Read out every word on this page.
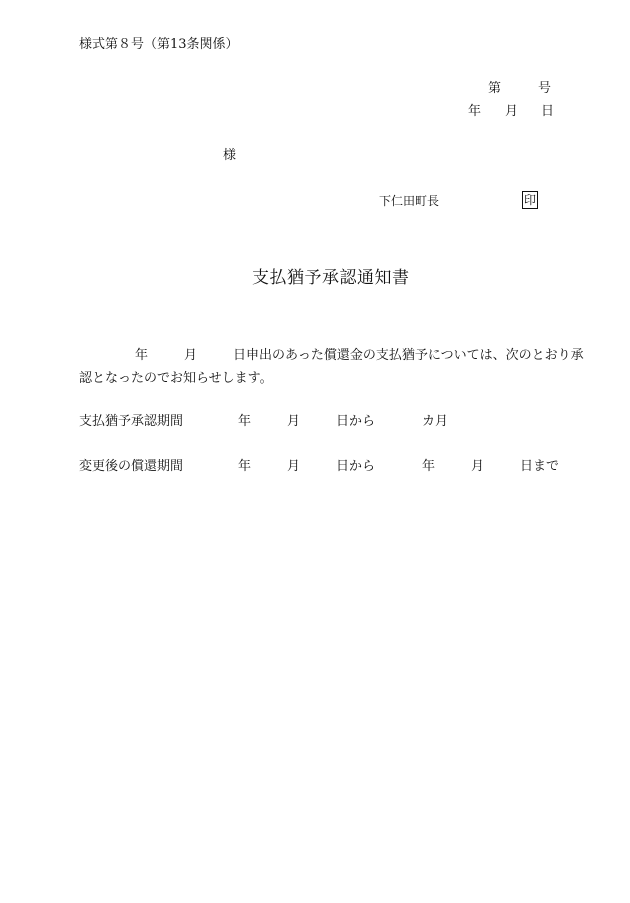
様式第８号（第13条関係）
第	号
年 月 日
様
下仁田町長	印
支払猶予承認通知書
年	月	日申出のあった償還金の支払猶予については、次のとおり承
認となったのでお知らせします。
支払猶予承認期間	年	月	日から	カ月
変更後の償還期間	年	月	日から	年	月	日まで
